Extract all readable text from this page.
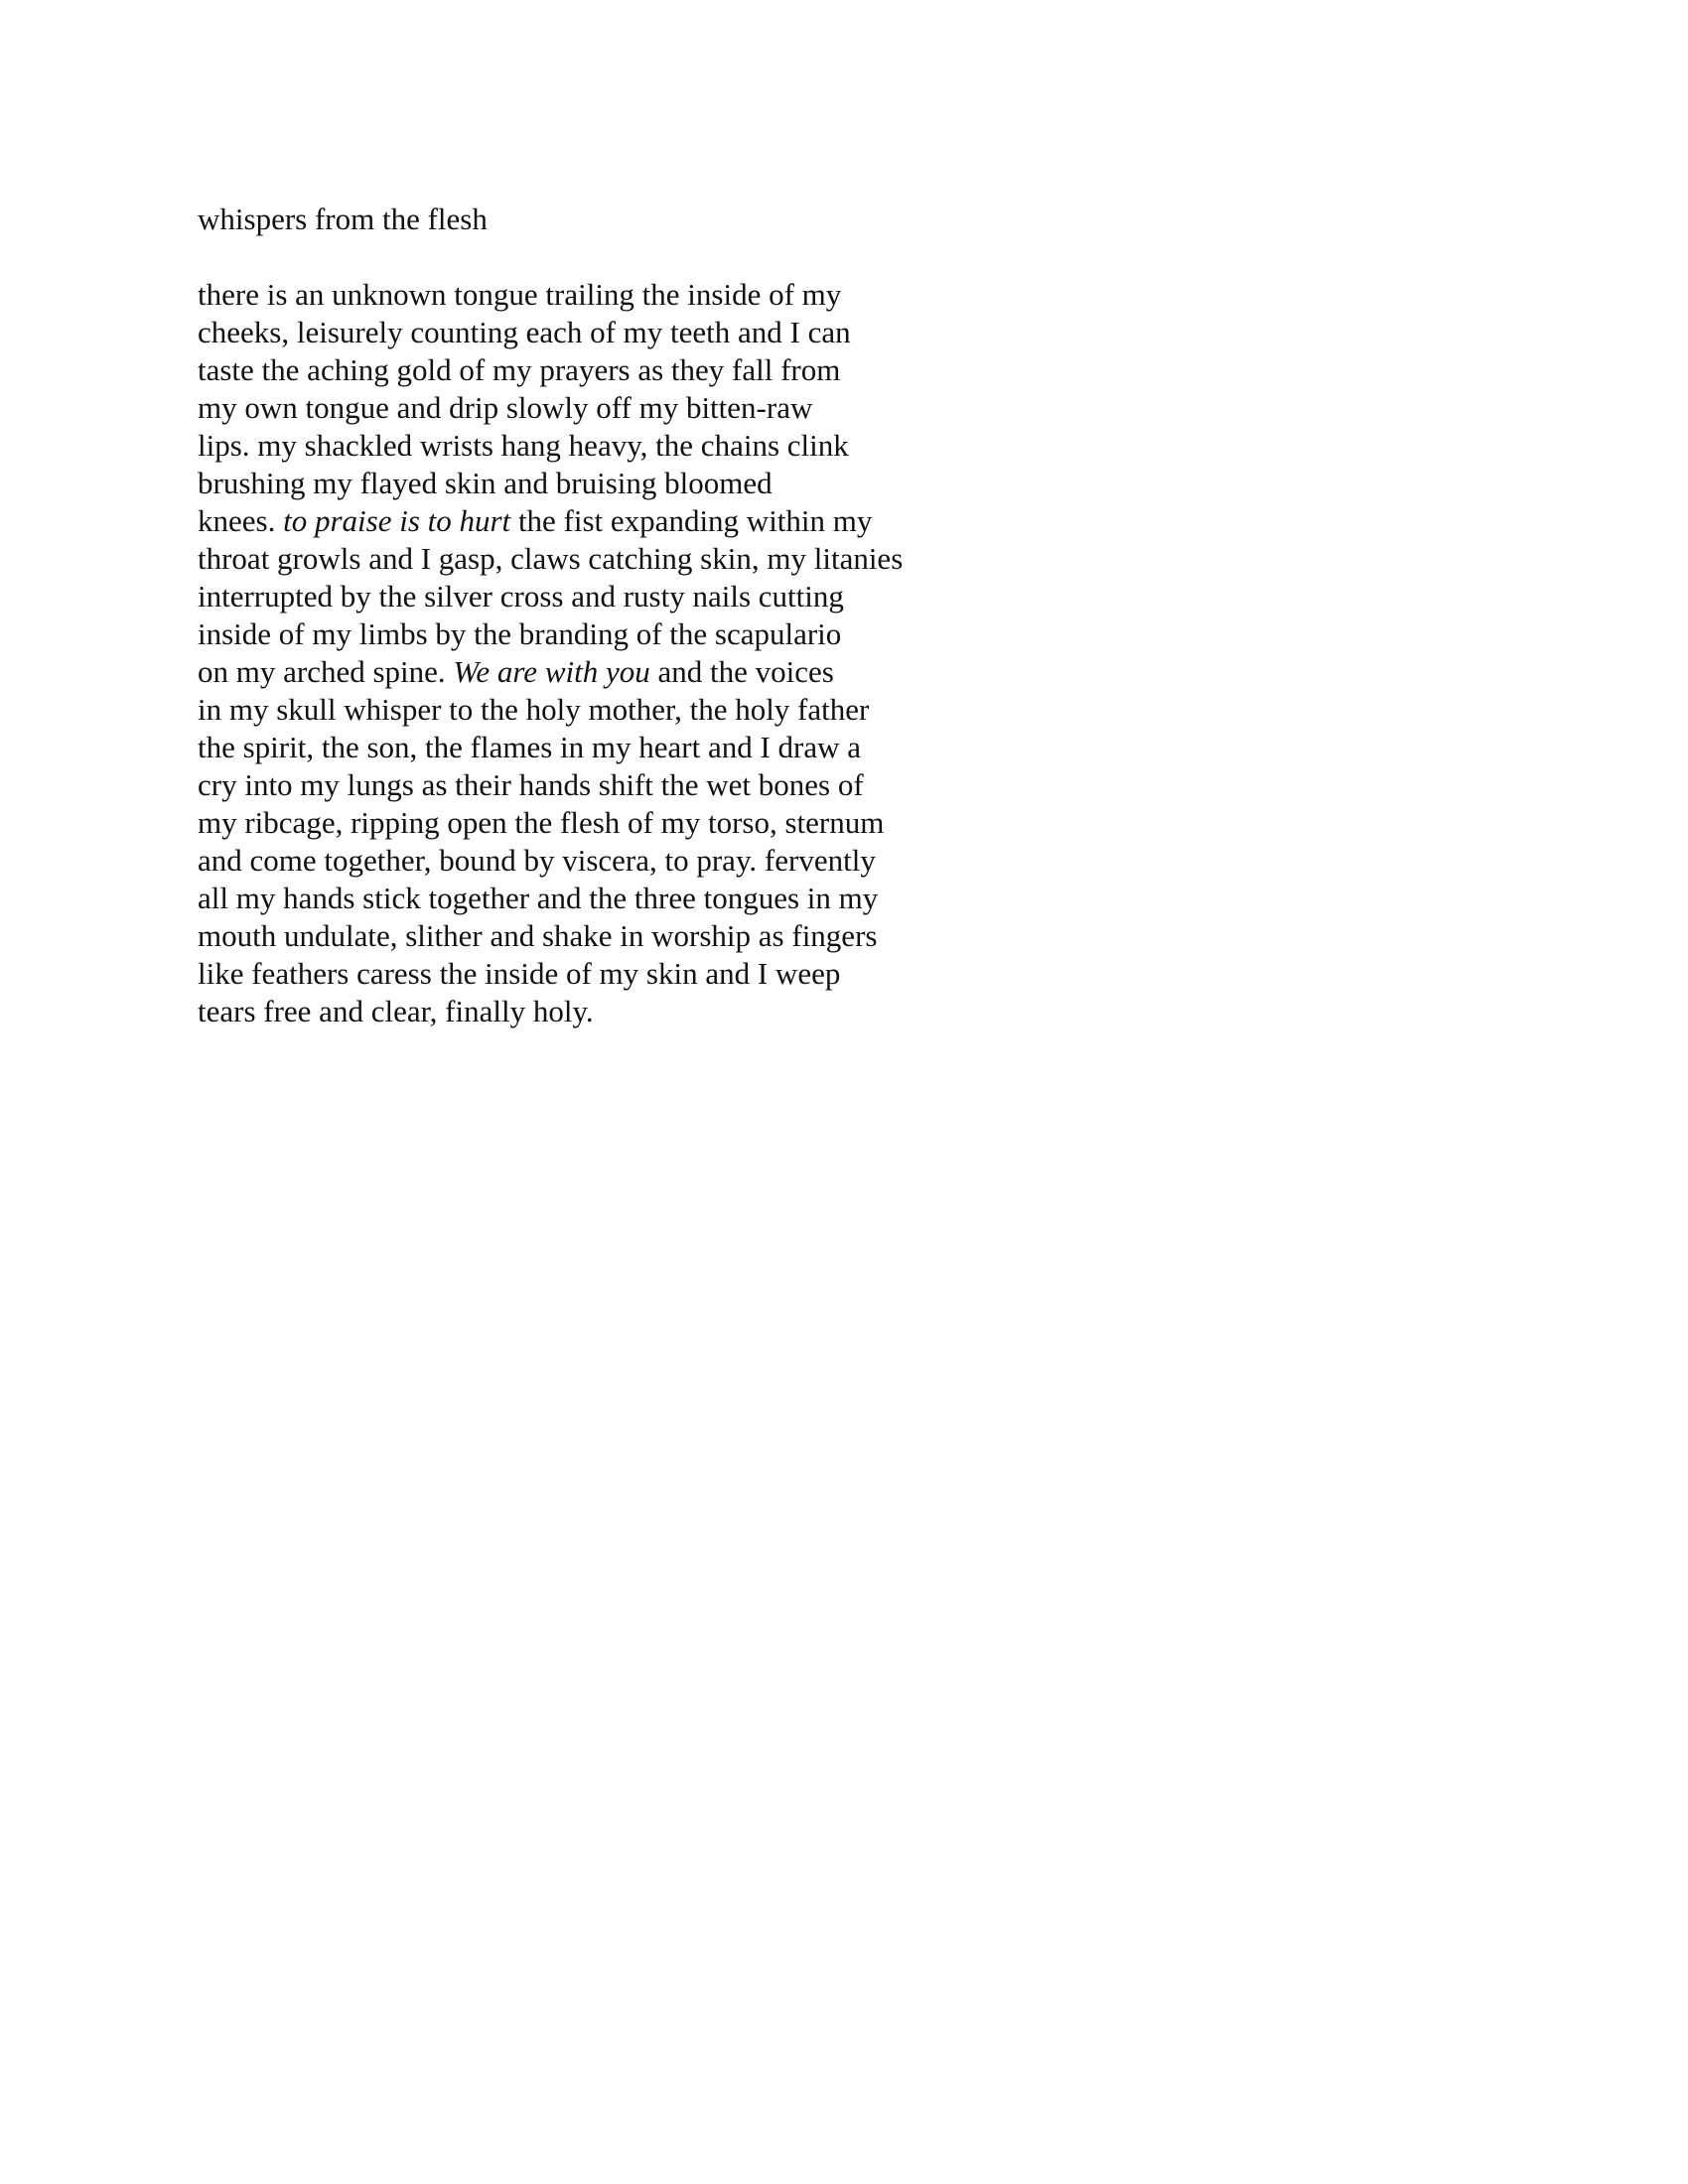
whispers from the flesh
there is an unknown tongue trailing the inside of my
cheeks, leisurely counting each of my teeth and I can
taste the aching gold of my prayers as they fall from
my own tongue and drip slowly off my bitten-raw
lips. my shackled wrists hang heavy, the chains clink
brushing my flayed skin and bruising bloomed
knees. to praise is to hurt the fist expanding within my
throat growls and I gasp, claws catching skin, my litanies
interrupted by the silver cross and rusty nails cutting
inside of my limbs by the branding of the scapulario
on my arched spine. We are with you and the voices
in my skull whisper to the holy mother, the holy father
the spirit, the son, the flames in my heart and I draw a
cry into my lungs as their hands shift the wet bones of
my ribcage, ripping open the flesh of my torso, sternum
and come together, bound by viscera, to pray. fervently
all my hands stick together and the three tongues in my
mouth undulate, slither and shake in worship as fingers
like feathers caress the inside of my skin and I weep
tears free and clear, finally holy.
